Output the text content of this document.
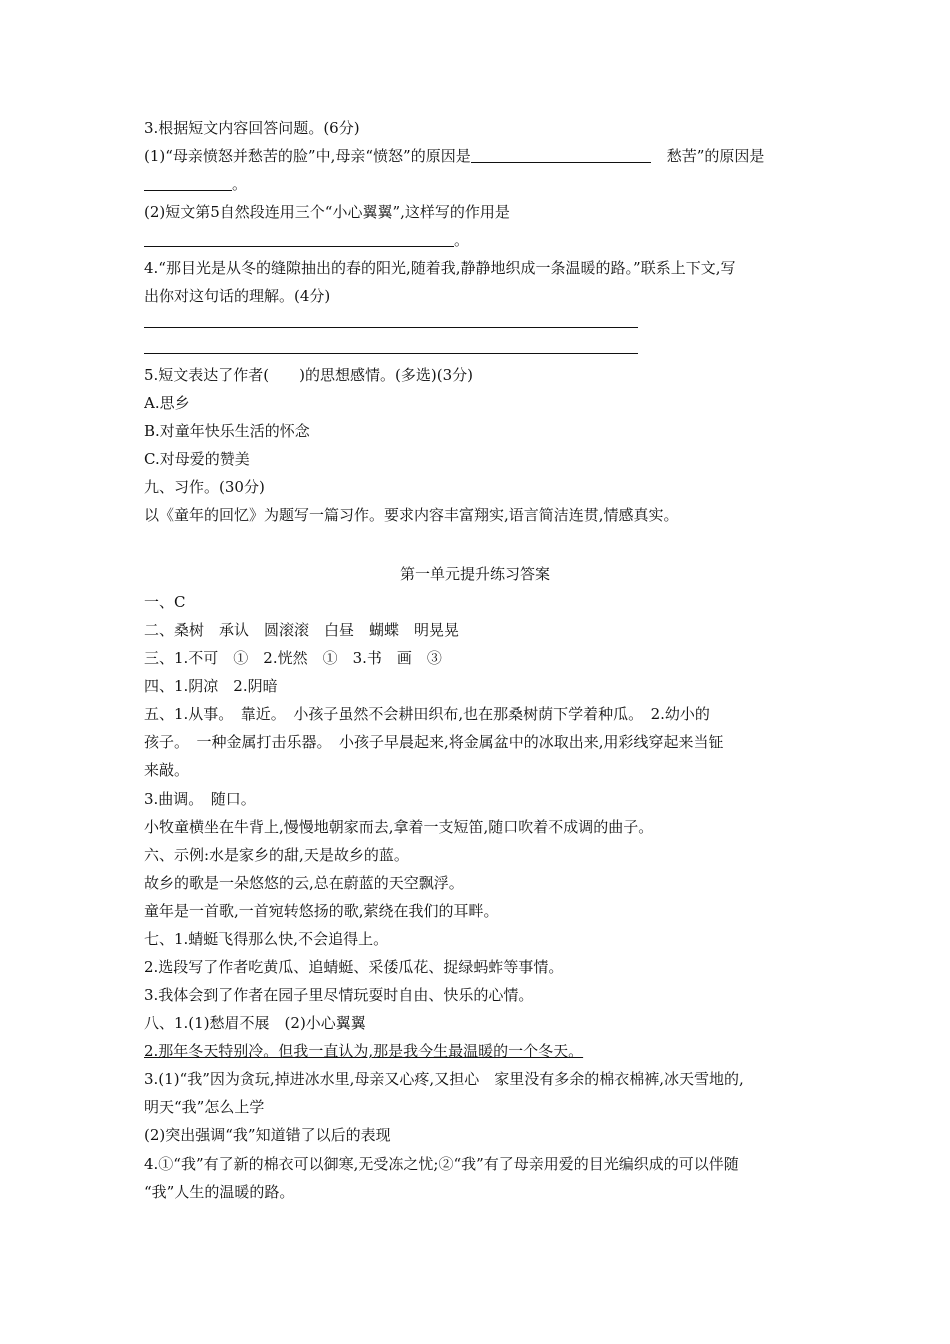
3.根据短文内容回答问题。(6分)
(1)“母亲愤怒并愁苦的脸”中,母亲“愤怒”的原因是	愁苦”的原因是
。
(2)短文第5自然段连用三个“小心翼翼”,这样写的作用是
。
4.“那目光是从冬的缝隙抽出的春的阳光,随着我,静静地织成一条温暖的路。”联系上下文,写
出你对这句话的理解。(4分)
5.短文表达了作者(　　)的思想感情。(多选)(3分)
A.思乡
B.对童年快乐生活的怀念
C.对母爱的赞美
九、习作。(30分)
以《童年的回忆》为题写一篇习作。要求内容丰富翔实,语言简洁连贯,情感真实。
第一单元提升练习答案
一、C
二、桑树　承认　圆滚滚　白昼　蝴蝶　明晃晃
三、1.不可　①　2.恍然　①　3.书　画　③
四、1.阴凉　2.阴暗
五、1.从事。　靠近。　小孩子虽然不会耕田织布,也在那桑树荫下学着种瓜。　2.幼小的
孩子。　一种金属打击乐器。　小孩子早晨起来,将金属盆中的冰取出来,用彩线穿起来当钲
来敲。
3.曲调。　随口。
小牧童横坐在牛背上,慢慢地朝家而去,拿着一支短笛,随口吹着不成调的曲子。
六、示例:水是家乡的甜,天是故乡的蓝。
故乡的歌是一朵悠悠的云,总在蔚蓝的天空飘浮。
童年是一首歌,一首宛转悠扬的歌,萦绕在我们的耳畔。
七、1.蜻蜓飞得那么快,不会追得上。
2.选段写了作者吃黄瓜、追蜻蜓、采倭瓜花、捉绿蚂蚱等事情。
3.我体会到了作者在园子里尽情玩耍时自由、快乐的心情。
八、1.(1)愁眉不展　(2)小心翼翼
2.那年冬天特别冷。但我一直认为,那是我今生最温暖的一个冬天。
3.(1)“我”因为贪玩,掉进冰水里,母亲又心疼,又担心　家里没有多余的棉衣棉裤,冰天雪地的,
明天“我”怎么上学
(2)突出强调“我”知道错了以后的表现
4.①“我”有了新的棉衣可以御寒,无受冻之忧;②“我”有了母亲用爱的目光编织成的可以伴随
“我”人生的温暖的路。
